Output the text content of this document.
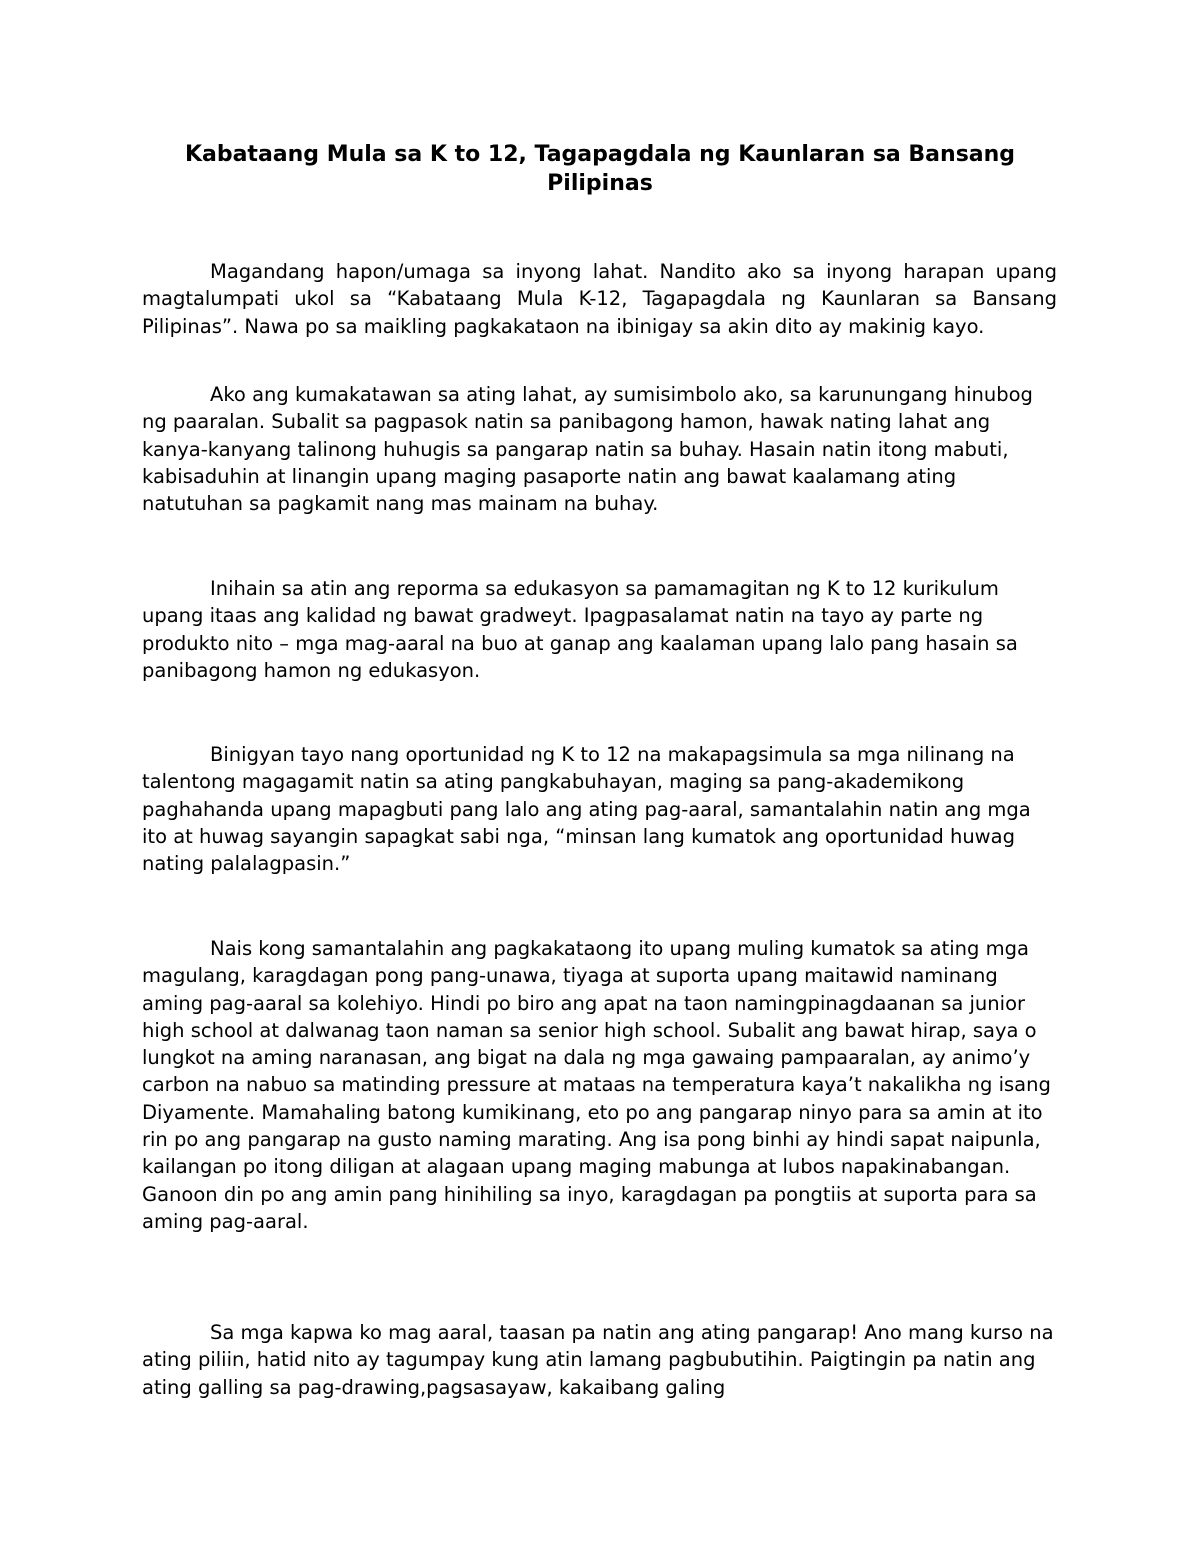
Kabataang Mula sa K to 12, Tagapagdala ng Kaunlaran sa Bansang Pilipinas

Magandang hapon/umaga sa inyong lahat. Nandito ako sa inyong harapan upang magtalumpati ukol sa “Kabataang Mula K-12, Tagapagdala ng Kaunlaran sa Bansang Pilipinas”. Nawa po sa maikling pagkakataon na ibinigay sa akin dito ay makinig kayo.

Ako ang kumakatawan sa ating lahat, ay sumisimbolo ako, sa karunungang hinubog ng paaralan. Subalit sa pagpasok natin sa panibagong hamon, hawak nating lahat ang kanya-kanyang talinong huhugis sa pangarap natin sa buhay. Hasain natin itong mabuti, kabisaduhin at linangin upang maging pasaporte natin ang bawat kaalamang ating natutuhan sa pagkamit nang mas mainam na buhay.

Inihain sa atin ang reporma sa edukasyon sa pamamagitan ng K to 12 kurikulum upang itaas ang kalidad ng bawat gradweyt. Ipagpasalamat natin na tayo ay parte ng produkto nito – mga mag-aaral na buo at ganap ang kaalaman upang lalo pang hasain sa panibagong hamon ng edukasyon.

Binigyan tayo nang oportunidad ng K to 12 na makapagsimula sa mga nilinang na talentong magagamit natin sa ating pangkabuhayan, maging sa pang-akademikong paghahanda upang mapagbuti pang lalo ang ating pag-aaral, samantalahin natin ang mga ito at huwag sayangin sapagkat sabi nga, “minsan lang kumatok ang oportunidad huwag nating palalagpasin.”

Nais kong samantalahin ang pagkakataong ito upang muling kumatok sa ating mga magulang, karagdagan pong pang-unawa, tiyaga at suporta upang maitawid naminang aming pag-aaral sa kolehiyo. Hindi po biro ang apat na taon namingpinagdaanan sa junior high school at dalwanag taon naman sa senior high school. Subalit ang bawat hirap, saya o lungkot na aming naranasan, ang bigat na dala ng mga gawaing pampaaralan, ay animo’y carbon na nabuo sa matinding pressure at mataas na temperatura kaya’t nakalikha ng isang Diyamente. Mamahaling batong kumikinang, eto po ang pangarap ninyo para sa amin at ito rin po ang pangarap na gusto naming marating. Ang isa pong binhi ay hindi sapat naipunla, kailangan po itong diligan at alagaan upang maging mabunga at lubos napakinabangan. Ganoon din po ang amin pang hinihiling sa inyo, karagdagan pa pongtiis at suporta para sa aming pag-aaral.

Sa mga kapwa ko mag aaral, taasan pa natin ang ating pangarap! Ano mang kurso na ating piliin, hatid nito ay tagumpay kung atin lamang pagbubutihin. Paigtingin pa natin ang ating galling sa pag-drawing,pagsasayaw, kakaibang galing
